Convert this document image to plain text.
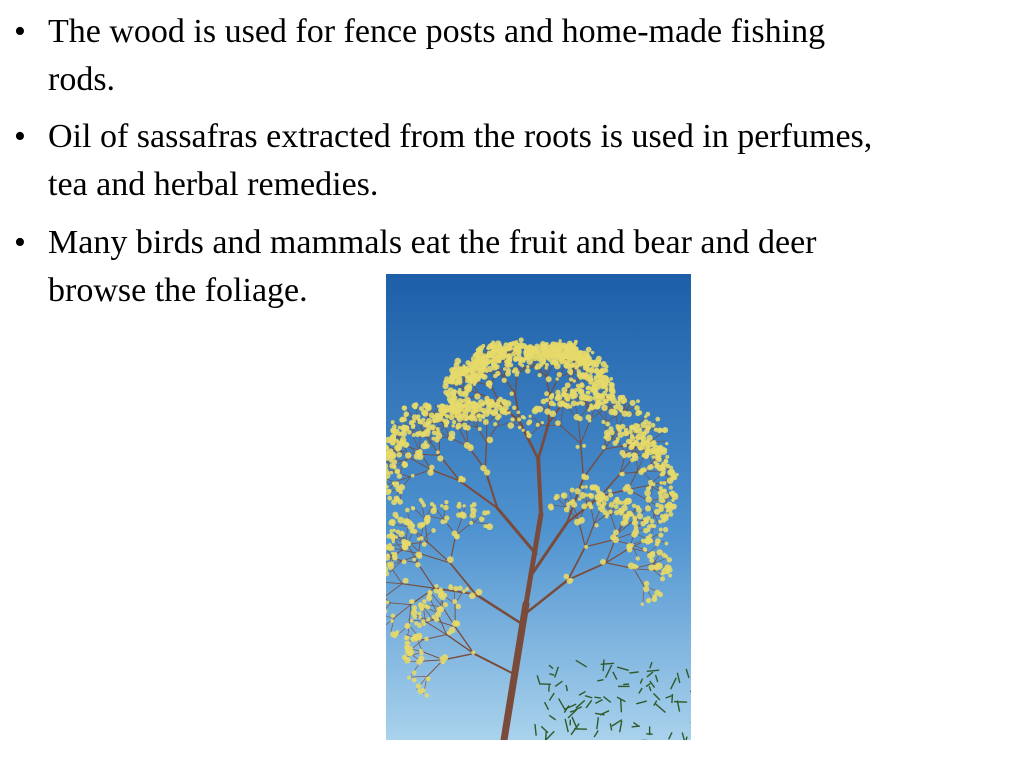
• The wood is used for fence posts and home-made fishing
rods.
• Oil of sassafras extracted from the roots is used in perfumes,
tea and herbal remedies.
• Many birds and mammals eat the fruit and bear and deer
browse the foliage.
